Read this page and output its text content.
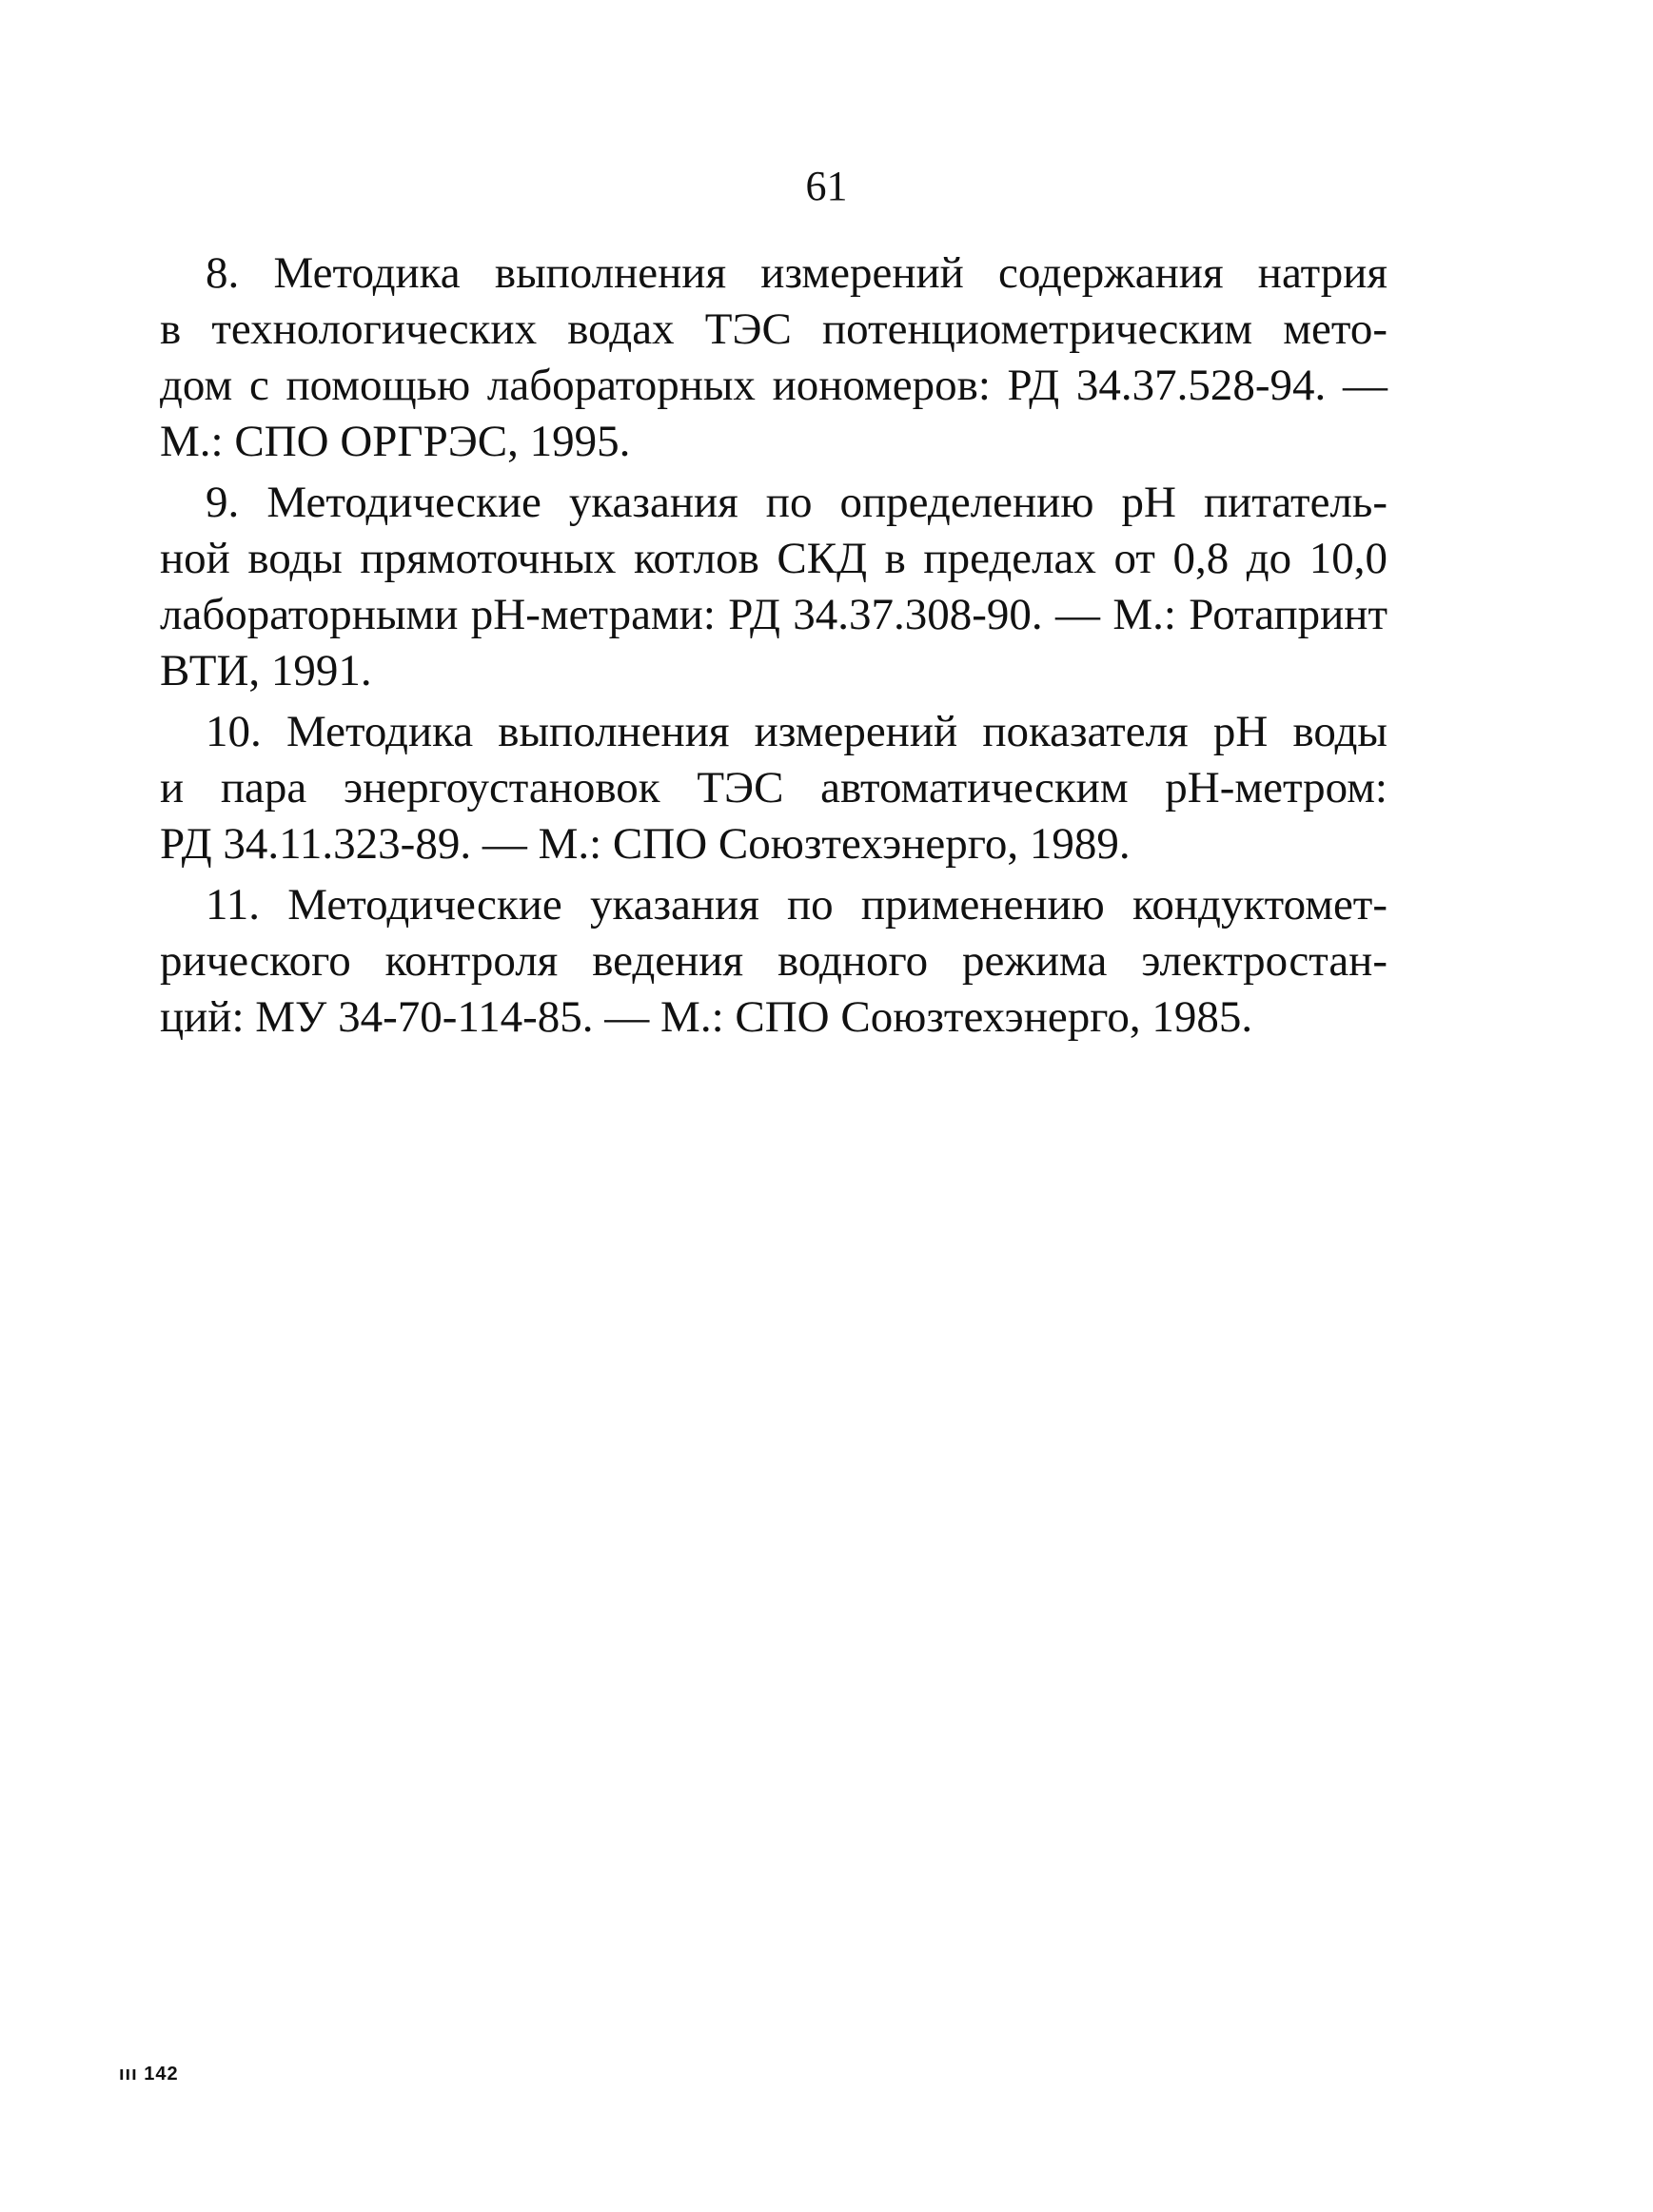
61

8. Методика выполнения измерений содержания натрия
в технологических водах ТЭС потенциометрическим мето-
дом с помощью лабораторных иономеров: РД 34.37.528-94. —
М.: СПО ОРГРЭС, 1995.

9. Методические указания по определению pH питатель-
ной воды прямоточных котлов СКД в пределах от 0,8 до 10,0
лабораторными pH-метрами: РД 34.37.308-90. — М.: Ротапринт
ВТИ, 1991.

10. Методика выполнения измерений показателя pH воды
и пара энергоустановок ТЭС автоматическим pH-метром:
РД 34.11.323-89. — М.: СПО Союзтехэнерго, 1989.

11. Методические указания по применению кондуктомет-
рического контроля ведения водного режима электростан-
ций: МУ 34-70-114-85. — М.: СПО Союзтехэнерго, 1985.

ııı 142
